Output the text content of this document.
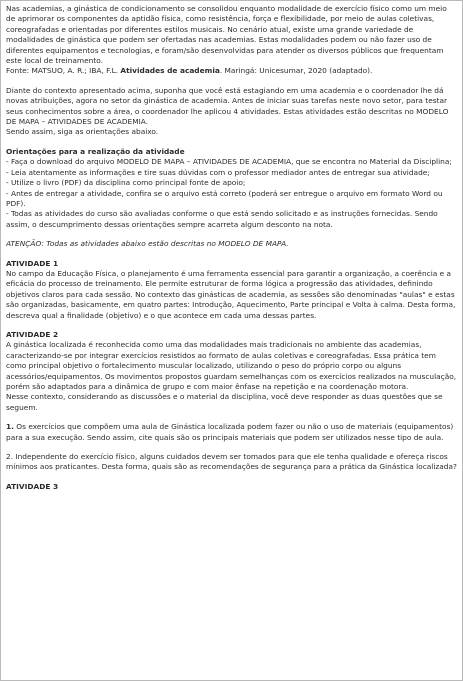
Nas academias, a ginástica de condicionamento se consolidou enquanto modalidade de exercício físico como um meio de aprimorar os componentes da aptidão física, como resistência, força e flexibilidade, por meio de aulas coletivas, coreografadas e orientadas por diferentes estilos musicais. No cenário atual, existe uma grande variedade de modalidades de ginástica que podem ser ofertadas nas academias. Estas modalidades podem ou não fazer uso de diferentes equipamentos e tecnologias, e foram/são desenvolvidas para atender os diversos públicos que frequentam este local de treinamento.

Fonte: MATSUO, A. R.; IBA, F.L. Atividades de academia. Maringá: Unicesumar, 2020 (adaptado).

Diante do contexto apresentado acima, suponha que você está estagiando em uma academia e o coordenador lhe dá novas atribuições, agora no setor da ginástica de academia. Antes de iniciar suas tarefas neste novo setor, para testar seus conhecimentos sobre a área, o coordenador lhe aplicou 4 atividades. Estas atividades estão descritas no MODELO DE MAPA – ATIVIDADES DE ACADEMIA.

Sendo assim, siga as orientações abaixo.

Orientações para a realização da atividade

- Faça o download do arquivo MODELO DE MAPA – ATIVIDADES DE ACADEMIA, que se encontra no Material da Disciplina;

- Leia atentamente as informações e tire suas dúvidas com o professor mediador antes de entregar sua atividade;

- Utilize o livro (PDF) da disciplina como principal fonte de apoio;

- Antes de entregar a atividade, confira se o arquivo está correto (poderá ser entregue o arquivo em formato Word ou PDF).

- Todas as atividades do curso são avaliadas conforme o que está sendo solicitado e as instruções fornecidas. Sendo assim, o descumprimento dessas orientações sempre acarreta algum desconto na nota.

ATENÇÃO: Todas as atividades abaixo estão descritas no MODELO DE MAPA.

ATIVIDADE 1

No campo da Educação Física, o planejamento é uma ferramenta essencial para garantir a organização, a coerência e a eficácia do processo de treinamento. Ele permite estruturar de forma lógica a progressão das atividades, definindo objetivos claros para cada sessão. No contexto das ginásticas de academia, as sessões são denominadas "aulas" e estas são organizadas, basicamente, em quatro partes: Introdução, Aquecimento, Parte principal e Volta à calma. Desta forma, descreva qual a finalidade (objetivo) e o que acontece em cada uma dessas partes.

ATIVIDADE 2

A ginástica localizada é reconhecida como uma das modalidades mais tradicionais no ambiente das academias, caracterizando-se por integrar exercícios resistidos ao formato de aulas coletivas e coreografadas. Essa prática tem como principal objetivo o fortalecimento muscular localizado, utilizando o peso do próprio corpo ou alguns acessórios/equipamentos. Os movimentos propostos guardam semelhanças com os exercícios realizados na musculação, porém são adaptados para a dinâmica de grupo e com maior ênfase na repetição e na coordenação motora.

Nesse contexto, considerando as discussões e o material da disciplina, você deve responder as duas questões que se seguem.

1. Os exercícios que compõem uma aula de Ginástica localizada podem fazer ou não o uso de materiais (equipamentos) para a sua execução. Sendo assim, cite quais são os principais materiais que podem ser utilizados nesse tipo de aula.

2. Independente do exercício físico, alguns cuidados devem ser tomados para que ele tenha qualidade e ofereça riscos mínimos aos praticantes. Desta forma, quais são as recomendações de segurança para a prática da Ginástica localizada?

ATIVIDADE 3
